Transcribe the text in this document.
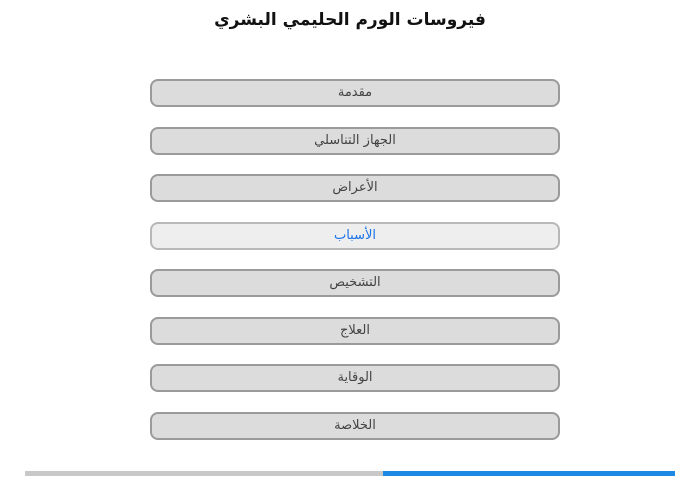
فيروسات الورم الحليمي البشري
مقدمة
الجهاز التناسلي
الأعراض
الأسباب
التشخيص
العلاج
الوقاية
الخلاصة
